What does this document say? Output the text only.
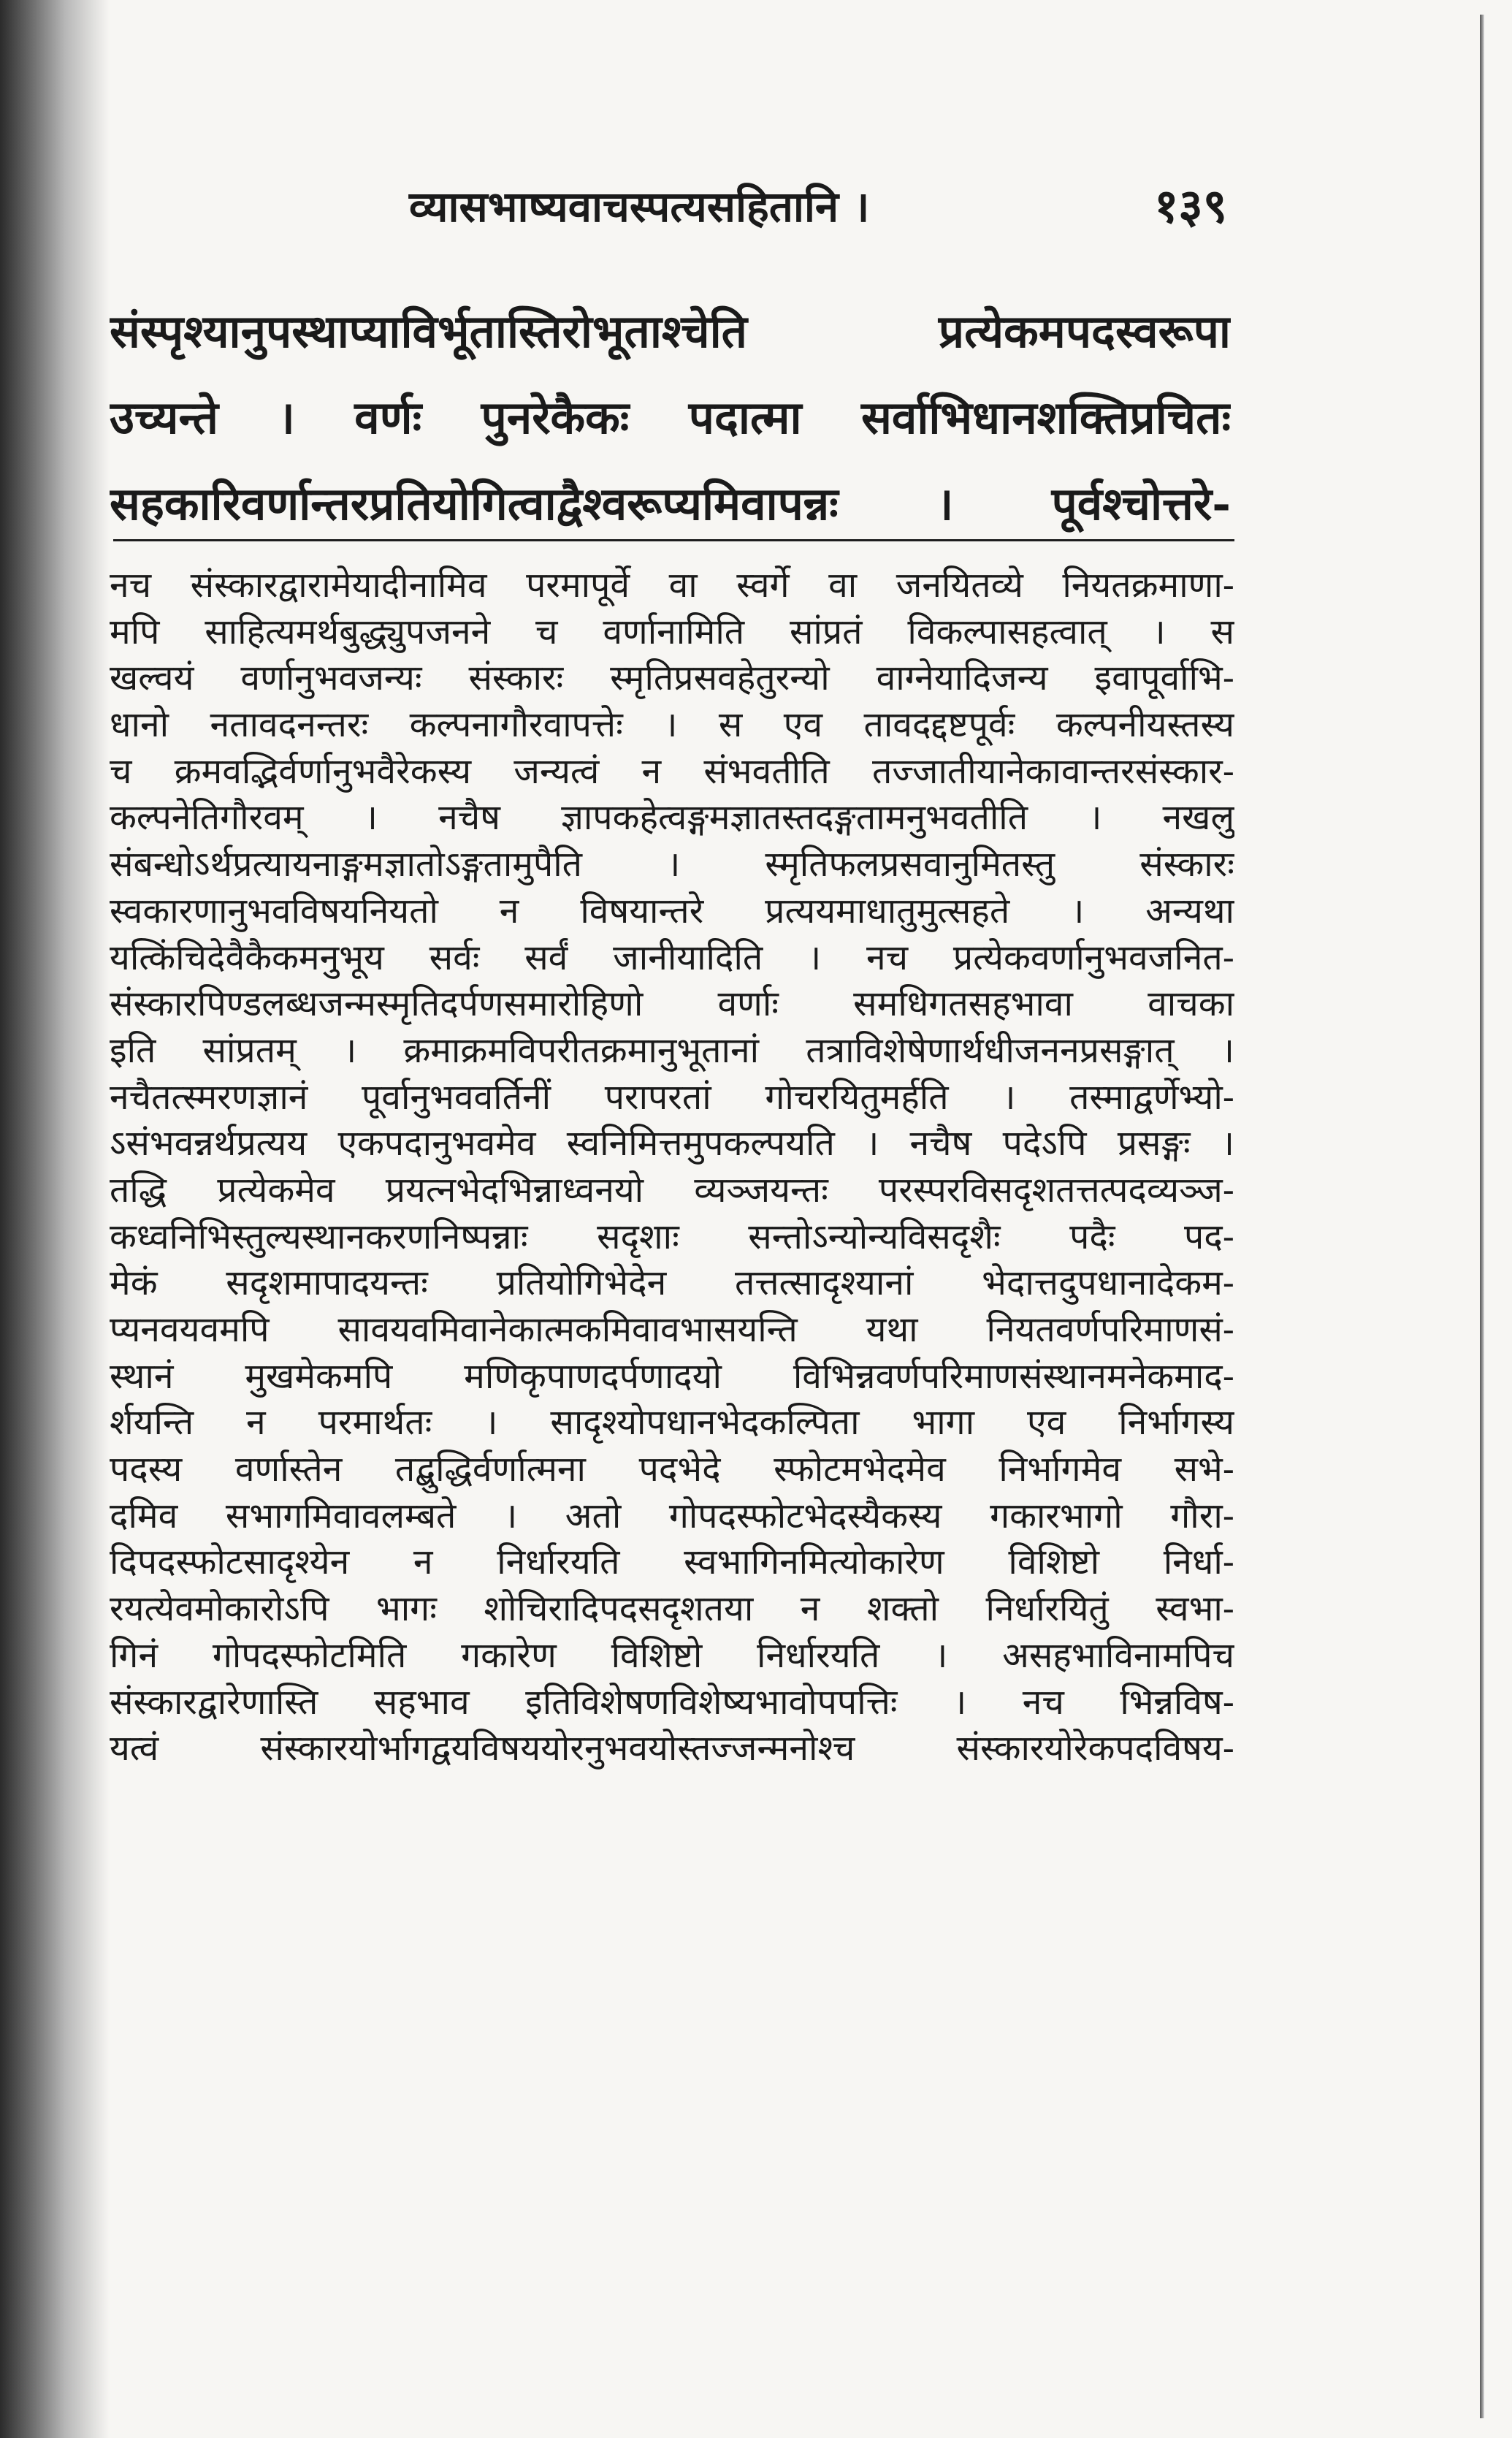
व्यासभाष्यवाचस्पत्यसहितानि ।	१३९
संस्पृश्यानुपस्थाप्याविर्भूतास्तिरोभूताश्चेति प्रत्येकमपदस्वरूपा
उच्यन्ते । वर्णः पुनरेकैकः पदात्मा सर्वाभिधानशक्तिप्रचितः
सहकारिवर्णान्तरप्रतियोगित्वाद्वैश्वरूप्यमिवापन्नः । पूर्वश्चोत्तरे-
नच संस्कारद्वारामेयादीनामिव परमापूर्वे वा स्वर्गे वा जनयितव्ये नियतक्रमाणा-
मपि साहित्यमर्थबुद्ध्युपजनने च वर्णानामिति सांप्रतं विकल्पासहत्वात् । स
खल्वयं वर्णानुभवजन्यः संस्कारः स्मृतिप्रसवहेतुरन्यो वाग्नेयादिजन्य इवापूर्वाभि-
धानो नतावदनन्तरः कल्पनागौरवापत्तेः । स एव तावदद्दष्टपूर्वः कल्पनीयस्तस्य
च क्रमवद्भिर्वर्णानुभवैरेकस्य जन्यत्वं न संभवतीति तज्जातीयानेकावान्तरसंस्कार-
कल्पनेतिगौरवम् । नचैष ज्ञापकहेत्वङ्गमज्ञातस्तदङ्गतामनुभवतीति । नखलु
संबन्धोऽर्थप्रत्यायनाङ्गमज्ञातोऽङ्गतामुपैति । स्मृतिफलप्रसवानुमितस्तु संस्कारः
स्वकारणानुभवविषयनियतो न विषयान्तरे प्रत्ययमाधातुमुत्सहते । अन्यथा
यत्किंचिदेवैकैकमनुभूय सर्वः सर्वं जानीयादिति । नच प्रत्येकवर्णानुभवजनित-
संस्कारपिण्डलब्धजन्मस्मृतिदर्पणसमारोहिणो वर्णाः समधिगतसहभावा वाचका
इति सांप्रतम् । क्रमाक्रमविपरीतक्रमानुभूतानां तत्राविशेषेणार्थधीजननप्रसङ्गात् ।
नचैतत्स्मरणज्ञानं पूर्वानुभववर्तिनीं परापरतां गोचरयितुमर्हति । तस्माद्वर्णेभ्यो-
ऽसंभवन्नर्थप्रत्यय एकपदानुभवमेव स्वनिमित्तमुपकल्पयति । नचैष पदेऽपि प्रसङ्गः ।
तद्धि प्रत्येकमेव प्रयत्नभेदभिन्नाध्वनयो व्यञ्जयन्तः परस्परविसदृशतत्तत्पदव्यञ्ज-
कध्वनिभिस्तुल्यस्थानकरणनिष्पन्नाः सदृशाः सन्तोऽन्योन्यविसदृशैः पदैः पद-
मेकं सदृशमापादयन्तः प्रतियोगिभेदेन तत्तत्सादृश्यानां भेदात्तदुपधानादेकम-
प्यनवयवमपि सावयवमिवानेकात्मकमिवावभासयन्ति यथा नियतवर्णपरिमाणसं-
स्थानं मुखमेकमपि मणिकृपाणदर्पणादयो विभिन्नवर्णपरिमाणसंस्थानमनेकमाद-
र्शयन्ति न परमार्थतः । सादृश्योपधानभेदकल्पिता भागा एव निर्भागस्य
पदस्य वर्णास्तेन तद्बुद्धिर्वर्णात्मना पदभेदे स्फोटमभेदमेव निर्भागमेव सभे-
दमिव सभागमिवावलम्बते । अतो गोपदस्फोटभेदस्यैकस्य गकारभागो गौरा-
दिपदस्फोटसादृश्येन न निर्धारयति स्वभागिनमित्योकारेण विशिष्टो निर्धा-
रयत्येवमोकारोऽपि भागः शोचिरादिपदसदृशतया न शक्तो निर्धारयितुं स्वभा-
गिनं गोपदस्फोटमिति गकारेण विशिष्टो निर्धारयति । असहभाविनामपिच
संस्कारद्वारेणास्ति सहभाव इतिविशेषणविशेष्यभावोपपत्तिः । नच भिन्नविष-
यत्वं संस्कारयोर्भागद्वयविषययोरनुभवयोस्तज्जन्मनोश्च संस्कारयोरेकपदविषय-
